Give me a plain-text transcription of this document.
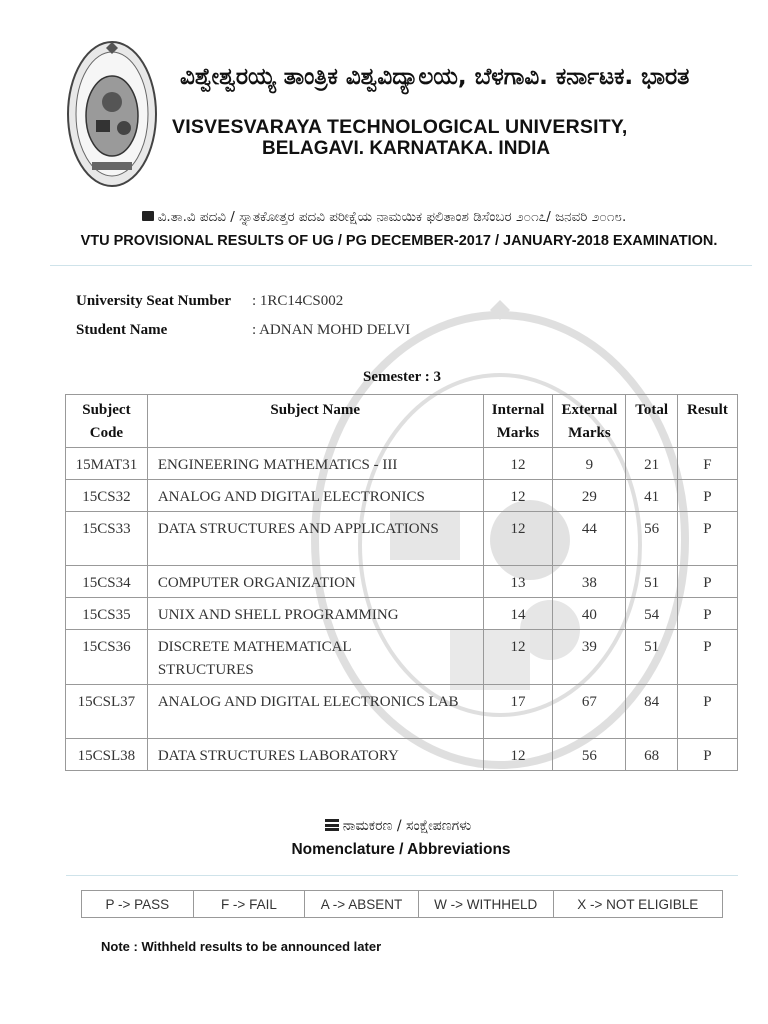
ವಿಶ್ವೇಶ್ವರಯ್ಯ ತಾಂತ್ರಿಕ ವಿಶ್ವವಿದ್ಯಾಲಯ, ಬೆಳಗಾವಿ. ಕರ್ನಾಟಕ. ಭಾರತ
VISVESVARAYA TECHNOLOGICAL UNIVERSITY,
BELAGAVI. KARNATAKA. INDIA
ವಿ.ತಾ.ವಿ ಪದವಿ / ಸ್ನಾತಕೋತ್ತರ ಪದವಿ ಪರೀಕ್ಷೆಯ ನಾಮಯಿಕ ಫಲಿತಾಂಶ ಡಿಸೆಂಬರ ೨೦೧೭/ ಜನವರಿ ೨೦೧೮.
VTU PROVISIONAL RESULTS OF UG / PG DECEMBER-2017 / JANUARY-2018 EXAMINATION.
University Seat Number : 1RC14CS002
Student Name	: ADNAN MOHD DELVI
Semester : 3
Subject Code	Subject Name	Internal Marks	External Marks	Total	Result
15MAT31	ENGINEERING MATHEMATICS - III	12	9	21	F
15CS32	ANALOG AND DIGITAL ELECTRONICS	12	29	41	P
15CS33	DATA STRUCTURES AND APPLICATIONS	12	44	56	P
15CS34	COMPUTER ORGANIZATION	13	38	51	P
15CS35	UNIX AND SHELL PROGRAMMING	14	40	54	P
15CS36	DISCRETE MATHEMATICAL STRUCTURES	12	39	51	P
15CSL37	ANALOG AND DIGITAL ELECTRONICS LAB	17	67	84	P
15CSL38	DATA STRUCTURES LABORATORY	12	56	68	P
ನಾಮಕರಣ / ಸಂಕ್ಷೇಪಣಗಳು
Nomenclature / Abbreviations
P -> PASS	F -> FAIL	A -> ABSENT	W -> WITHHELD	X -> NOT ELIGIBLE
Note : Withheld results to be announced later
